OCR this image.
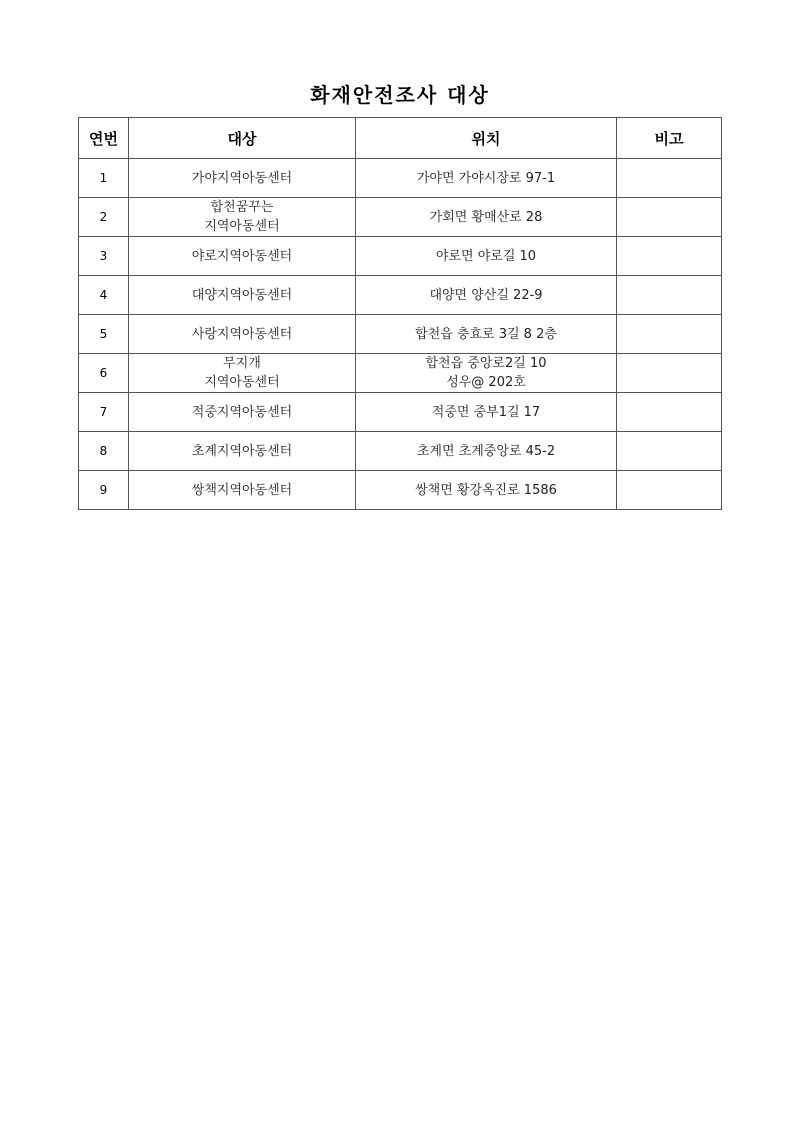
화재안전조사 대상
연번	대상	위치	비고
1	가야지역아동센터	가야면 가야시장로 97-1	

2	합천꿈꾸는
지역아동센터	가회면 황매산로 28	

3	야로지역아동센터	야로면 야로길 10	

4	대양지역아동센터	대양면 양산길 22-9	

5	사랑지역아동센터	합천읍 충효로 3길 8 2층	

6	무지개
지역아동센터	합천읍 중앙로2길 10
성우@ 202호	

7	적중지역아동센터	적중면 중부1길 17	

8	초계지역아동센터	초계면 초계중앙로 45-2	

9	쌍책지역아동센터	쌍책면 황강옥진로 1586	
